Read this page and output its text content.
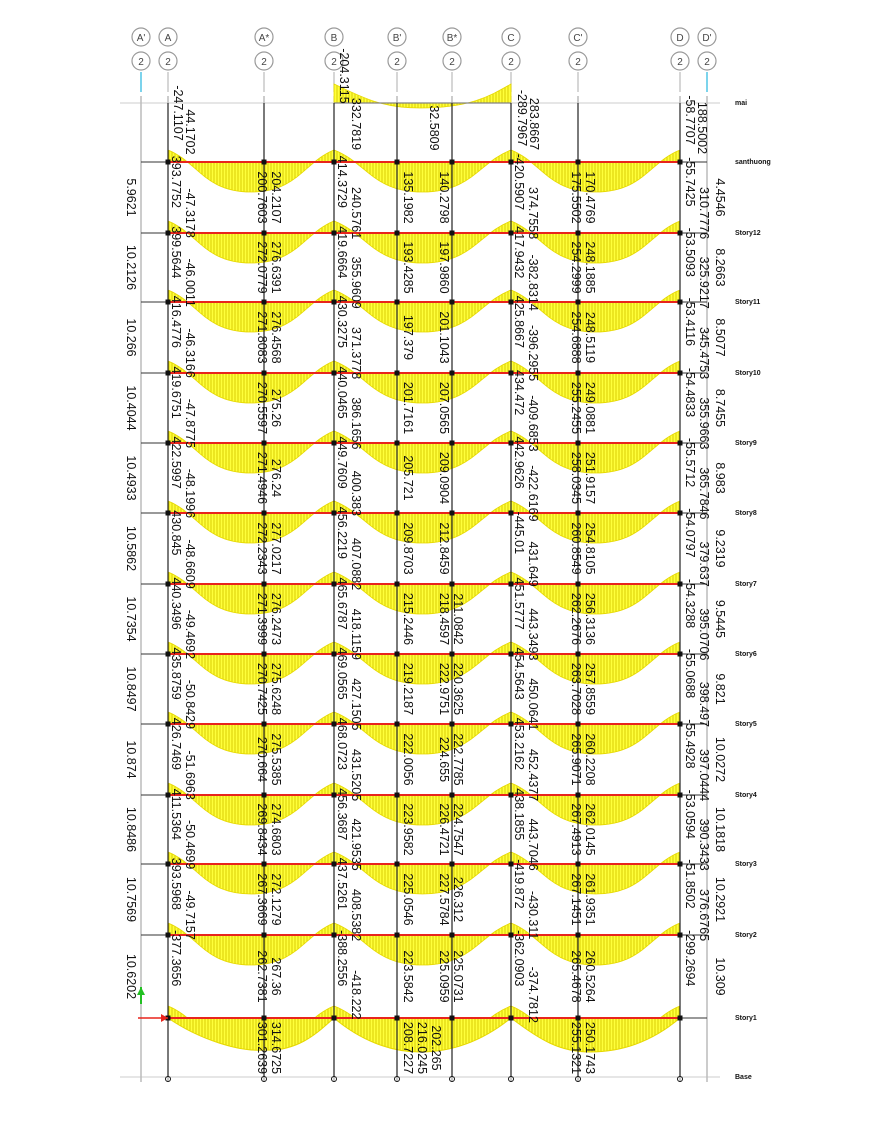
A'
2
A
2
A*
2
B
2
B'
2
B*
2
C
2
C'
2
D
2
D'
2
mai
santhuong
Story12
Story11
Story10
Story9
Story8
Story7
Story6
Story5
Story4
Story3
Story2
Story1
Base
-247.1107
-204.3115
-289.7967	-58.7707
32.5809
44.1702	332.7819	283.8667	188.5002
5.9621 393.7752
-47.3178	200.7603 204.2107	414.3729
240.5761	135.1982 140.2798	-420.5907
374.7558 175.5502 170.4769	-55.7425
310.7776 4.4546
10.2126 399.5644
-46.0011	272.0779 276.6391	419.6664
355.9609	193.4285 197.9860	417.9432
-382.8314 254.2999 248.1885	-53.5093
325.9217 8.2663
10.266 416.4776
-46.3166	271.8083 276.4568	430.3275
371.3778	197.379 201.1043	425.8667
-396.2955 254.6888 248.5119	-53.4116
345.4753 8.5077
10.4044 419.6751
-47.8775	270.5597 275.26	440.0465
386.1656	201.7161 207.0565	434.472
-409.6853 255.2455 249.0881	-54.4833
355.9663 8.7455
10.4933 422.5997
-48.1996	271.4946 276.24	449.7609
400.383	205.721 209.0904	442.9626
-422.6169 258.0345 251.9157	-55.5712
365.7846 8.983
10.5862 430.845
-48.6609	272.2343 277.0217	456.2219
407.0882	209.8703 212.8459	-445.01
431.649 260.8549 254.8105	-54.0797
379.637 9.2319
10.7354 440.3496
-49.4692	271.3999 276.2473	465.6787
418.1159	215.2446 218.4597 211.0842	451.5777
443.3493 262.2676 256.3136	-54.3288
395.0706 9.5445
10.8497 435.8759
-50.8429	270.7425 275.6248	469.0565
427.1505	219.2187 222.9751 220.3625	454.5643
450.0641 263.7028 257.8559	-55.0688
398.497 9.821
10.874 426.7469
-51.6963	270.664 275.5385	468.0723
431.5205	222.0056 224.655 222.7785	453.2162
452.4377 265.9071 260.2208	-55.4928
397.0444 10.0272
10.8486 411.5364
-50.4699	269.8434 274.6803	456.3687
421.9535	223.9582 226.4721 224.7547	438.1855
443.7046 267.4913 262.0145	-53.0594
390.3433 10.1818
10.7569 393.5968
-49.7157	267.3669 272.1279	437.5261
408.5382	225.0546 227.5784 226.312	-419.872
-430.311 267.1451 261.9351	-51.8502
376.6765 10.2921
10.6202 -377.3656	262.7381 267.36	-388.2556
-418.222	223.5842 225.0959 225.0731	-362.0903
-374.7812 265.4678 260.5264	-299.2694 10.309
301.2639 314.6725	208.7227 216.0245 202.265	255.1321 250.1743
